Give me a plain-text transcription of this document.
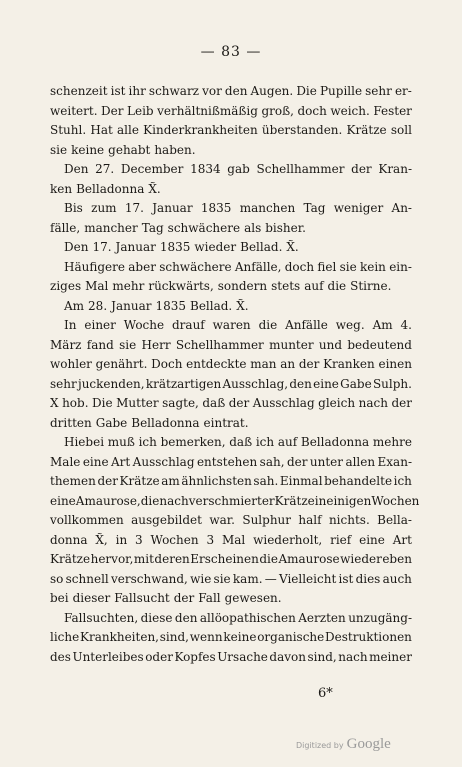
— 83 —
schenzeit ist ihr schwarz vor den Augen. Die Pupille sehr er-
weitert. Der Leib verhältnißmäßig groß, doch weich. Fester
Stuhl. Hat alle Kinderkrankheiten überstanden. Krätze soll
sie keine gehabt haben.
Den 27. December 1834 gab Schellhammer der Kran-
ken Belladonna X̃.
Bis zum 17. Januar 1835 manchen Tag weniger An-
fälle, mancher Tag schwächere als bisher.
Den 17. Januar 1835 wieder Bellad. X̃.
Häufigere aber schwächere Anfälle, doch fiel sie kein ein-
ziges Mal mehr rückwärts, sondern stets auf die Stirne.
Am 28. Januar 1835 Bellad. X̃.
In einer Woche drauf waren die Anfälle weg. Am 4.
März fand sie Herr Schellhammer munter und bedeutend
wohler genährt. Doch entdeckte man an der Kranken einen
sehr juckenden, krätzartigen Ausschlag, den eine Gabe Sulph.
X hob. Die Mutter sagte, daß der Ausschlag gleich nach der
dritten Gabe Belladonna eintrat.
Hiebei muß ich bemerken, daß ich auf Belladonna mehre
Male eine Art Ausschlag entstehen sah, der unter allen Exan-
themen der Krätze am ähnlichsten sah. Einmal behandelte ich
eine Amaurose, die nach verschmierter Krätze in einigen Wochen
vollkommen ausgebildet war. Sulphur half nichts. Bella-
donna X̃, in 3 Wochen 3 Mal wiederholt, rief eine Art
Krätze hervor, mit deren Erscheinen die Amaurose wieder eben
so schnell verschwand, wie sie kam. — Vielleicht ist dies auch
bei dieser Fallsucht der Fall gewesen.
Fallsuchten, diese den allöopathischen Aerzten unzugäng-
liche Krankheiten, sind, wenn keine organische Destruktionen
des Unterleibes oder Kopfes Ursache davon sind, nach meiner
6*
Digitized by Google
